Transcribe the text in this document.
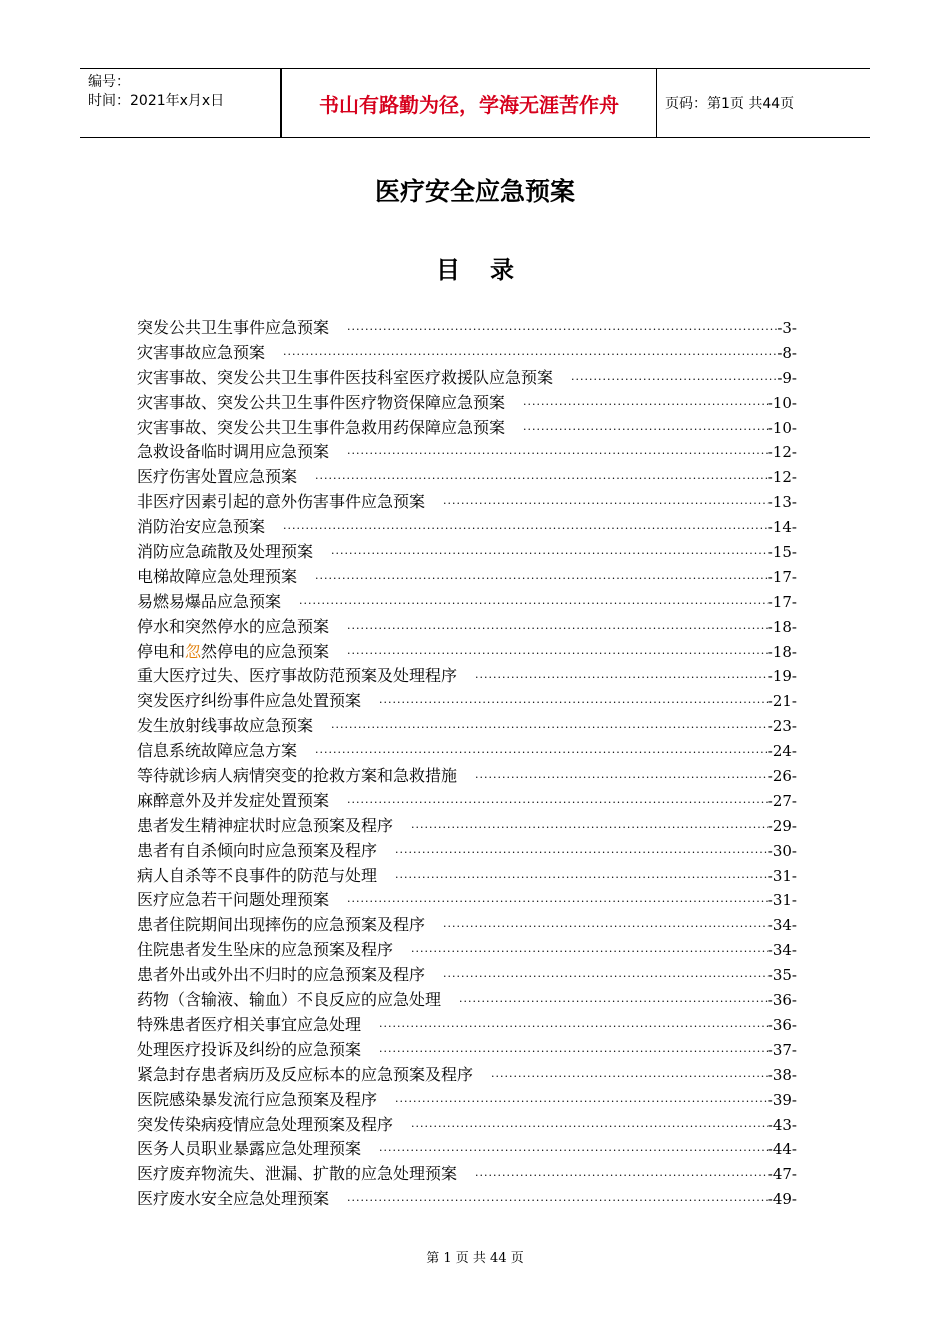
编号：
时间：2021年x月x日	书山有路勤为径，学海无涯苦作舟	页码：第1页 共44页
医疗安全应急预案
目录
突发公共卫生事件应急预案 ·····	-3-
灾害事故应急预案 ·····	-8-
灾害事故、突发公共卫生事件医技科室医疗救援队应急预案 ·····	-9-
灾害事故、突发公共卫生事件医疗物资保障应急预案 ·····	-10-
灾害事故、突发公共卫生事件急救用药保障应急预案 ·····	-10-
急救设备临时调用应急预案 ·····	-12-
医疗伤害处置应急预案 ·····	-12-
非医疗因素引起的意外伤害事件应急预案 ·····	-13-
消防治安应急预案 ·····	-14-
消防应急疏散及处理预案 ·····	-15-
电梯故障应急处理预案 ·····	-17-
易燃易爆品应急预案 ·····	-17-
停水和突然停水的应急预案 ·····	-18-
停电和忽然停电的应急预案 ·····	-18-
重大医疗过失、医疗事故防范预案及处理程序 ·····	-19-
突发医疗纠纷事件应急处置预案 ·····	-21-
发生放射线事故应急预案 ·····	-23-
信息系统故障应急方案 ·····	-24-
等待就诊病人病情突变的抢救方案和急救措施 ·····	-26-
麻醉意外及并发症处置预案 ·····	-27-
患者发生精神症状时应急预案及程序 ·····	-29-
患者有自杀倾向时应急预案及程序 ·····	-30-
病人自杀等不良事件的防范与处理 ·····	-31-
医疗应急若干问题处理预案 ·····	-31-
患者住院期间出现摔伤的应急预案及程序 ·····	-34-
住院患者发生坠床的应急预案及程序 ·····	-34-
患者外出或外出不归时的应急预案及程序 ·····	-35-
药物（含输液、输血）不良反应的应急处理 ·····	-36-
特殊患者医疗相关事宜应急处理 ·····	-36-
处理医疗投诉及纠纷的应急预案 ·····	-37-
紧急封存患者病历及反应标本的应急预案及程序 ·····	-38-
医院感染暴发流行应急预案及程序 ·····	-39-
突发传染病疫情应急处理预案及程序 ·····	-43-
医务人员职业暴露应急处理预案 ·····	-44-
医疗废弃物流失、泄漏、扩散的应急处理预案 ·····	-47-
医疗废水安全应急处理预案 ·····	-49-
第 1 页 共 44 页
